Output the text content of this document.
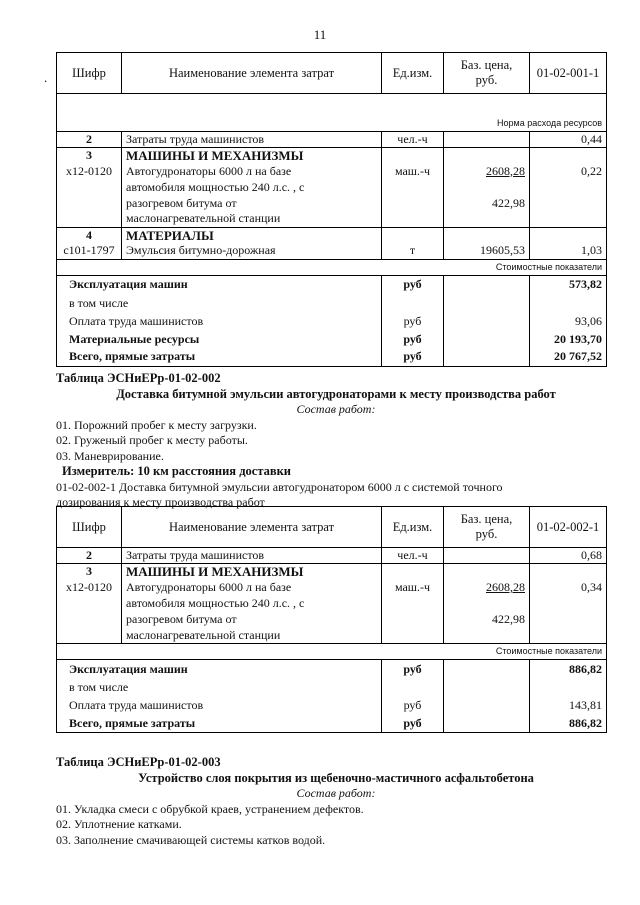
11
. Шифр	Наименование элемента затрат	Ед.изм.	Баз. цена,
руб.	01-02-001-1

Норма расхода ресурсов				
2	Затраты труда машинистов	чел.-ч		0,44
3	МАШИНЫ И МЕХАНИЗМЫ			
х12-0120	Автогудронаторы 6000 л на базе	маш.-ч	2608,28	0,22
	автомобиля мощностью 240 л.с. , с			
	разогревом битума от		422,98	
	маслонагревательной станции			
4	МАТЕРИАЛЫ			
с101-1797	Эмульсия битумно-дорожная	т	19605,53	1,03
Стоимостные показатели				
Эксплуатация машин		руб		573,82
в том числе				
Оплата труда машинистов		руб		93,06
Материальные ресурсы		руб		20 193,70
Всего, прямые затраты		руб		20 767,52
Таблица ЭСНиЕРр-01-02-002
Доставка битумной эмульсии автогудронаторами к месту производства работ
Состав работ:
01. Порожний пробег к месту загрузки.
02. Груженый пробег к месту работы.
03. Маневрирование.
Измеритель: 10 км расстояния доставки
01-02-002-1 Доставка битумной эмульсии автогудронатором 6000 л с системой точного
дозирования к месту производства работ
Шифр	Наименование элемента затрат	Ед.изм.	Баз. цена,
руб.	01-02-002-1
2	Затраты труда машинистов	чел.-ч		0,68
3	МАШИНЫ И МЕХАНИЗМЫ			
х12-0120	Автогудронаторы 6000 л на базе	маш.-ч	2608,28	0,34
	автомобиля мощностью 240 л.с. , с			
	разогревом битума от		422,98	
	маслонагревательной станции			
Стоимостные показатели				
Эксплуатация машин		руб		886,82
в том числе				
Оплата труда машинистов		руб		143,81
Всего, прямые затраты		руб		886,82
Таблица ЭСНиЕРр-01-02-003
Устройство слоя покрытия из щебеночно-мастичного асфальтобетона
Состав работ:
01. Укладка смеси с обрубкой краев, устранением дефектов.
02. Уплотнение катками.
03. Заполнение смачивающей системы катков водой.
